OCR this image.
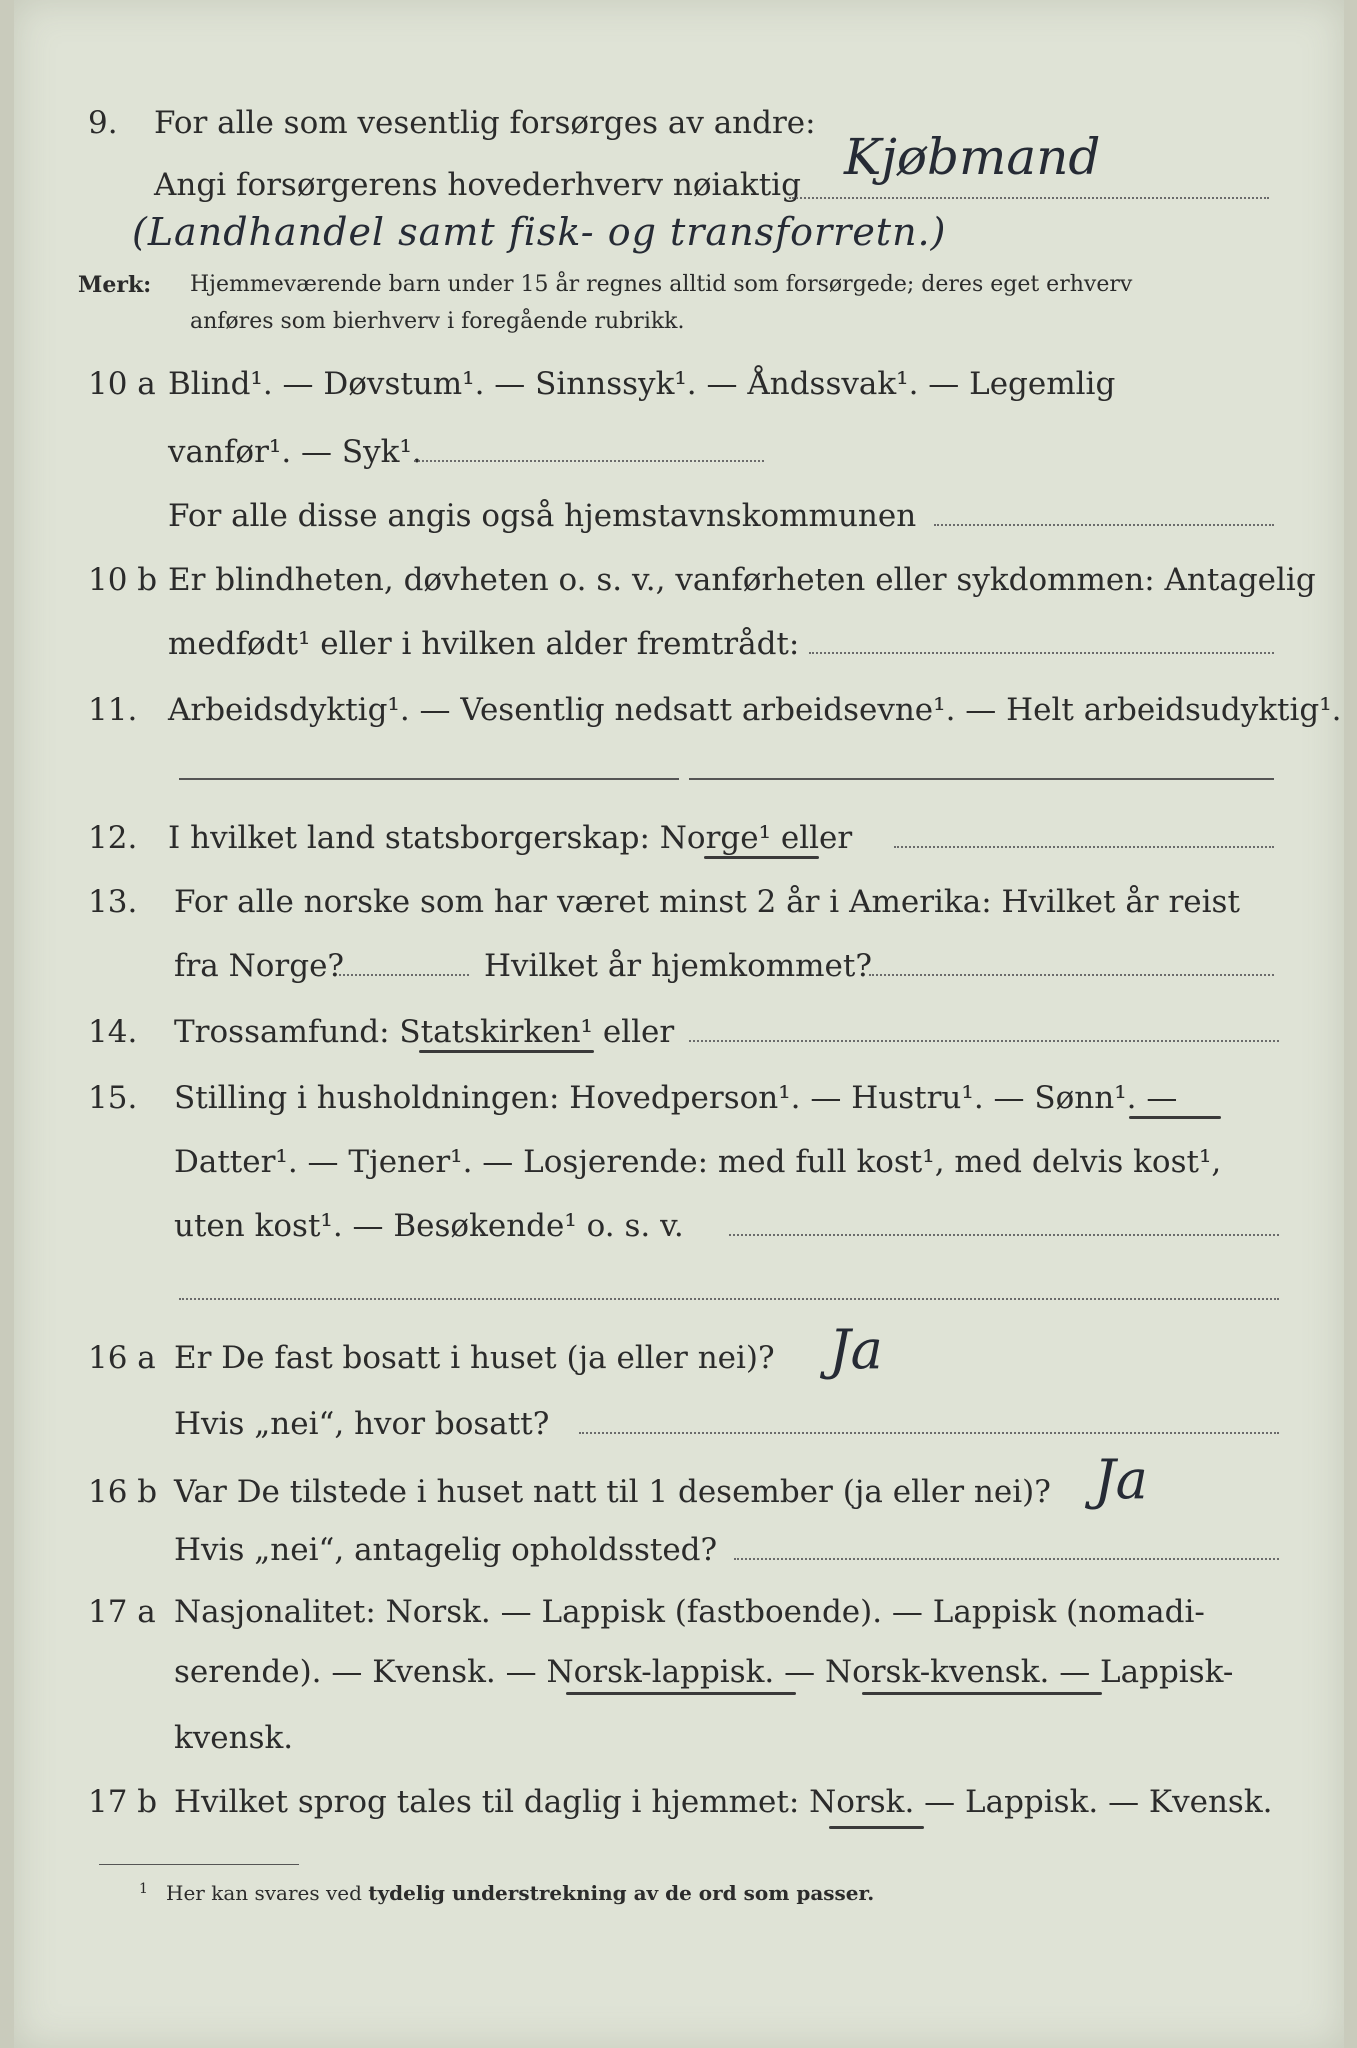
9. For alle som vesentlig forsørges av andre:
Angi forsørgerens hovederhverv nøiaktig Kjøbmand
(Landhandel samt fisk- og transforretn.)
Merk: Hjemmeværende barn under 15 år regnes alltid som forsørgede; deres eget erhverv
anføres som bierhverv i foregående rubrikk.
10 a Blind¹. — Døvstum¹. — Sinnssyk¹. — Åndssvak¹. — Legemlig
vanfør¹. — Syk¹.
For alle disse angis også hjemstavnskommunen
10 b Er blindheten, døvheten o. s. v., vanførheten eller sykdommen: Antagelig
medfødt¹ eller i hvilken alder fremtrådt:
11. Arbeidsdyktig¹. — Vesentlig nedsatt arbeidsevne¹. — Helt arbeidsudyktig¹.
12. I hvilket land statsborgerskap: Norge¹ eller
13. For alle norske som har været minst 2 år i Amerika: Hvilket år reist
fra Norge?	Hvilket år hjemkommet?
14. Trossamfund: Statskirken¹ eller
15. Stilling i husholdningen: Hovedperson¹. — Hustru¹. — Sønn¹. —
Datter¹. — Tjener¹. — Losjerende: med full kost¹, med delvis kost¹,
uten kost¹. — Besøkende¹ o. s. v.
16 a Er De fast bosatt i huset (ja eller nei)? Ja
Hvis „nei“, hvor bosatt?
16 b Var De tilstede i huset natt til 1 desember (ja eller nei)? Ja
Hvis „nei“, antagelig opholdssted?
17 a Nasjonalitet: Norsk. — Lappisk (fastboende). — Lappisk (nomadi-
serende). — Kvensk. — Norsk-lappisk. — Norsk-kvensk. — Lappisk-
kvensk.
17 b Hvilket sprog tales til daglig i hjemmet: Norsk. — Lappisk. — Kvensk.
1 Her kan svares ved tydelig understrekning av de ord som passer.
